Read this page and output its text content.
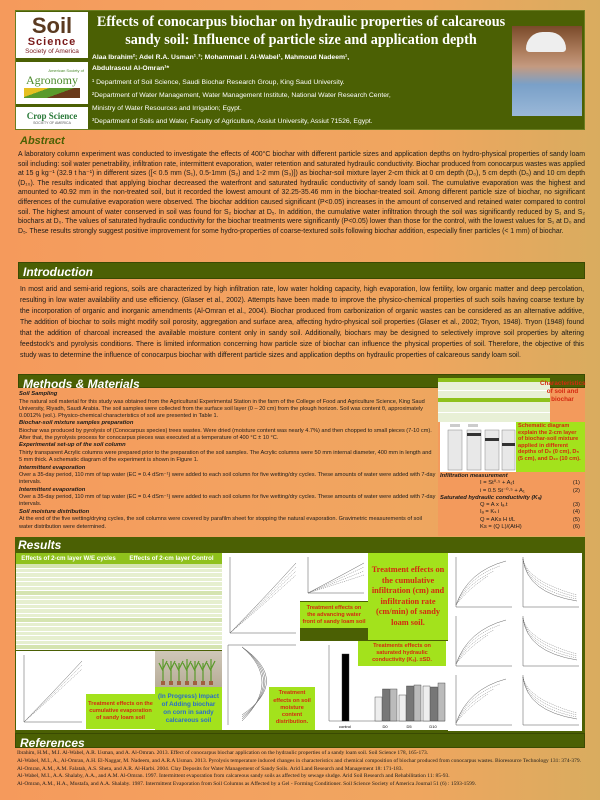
Soil
Science
Society of America
American Society of
Agronomy
Crop Science
SOCIETY OF AMERICA
Effects of conocarpus biochar on hydraulic properties of calcareous sandy soil: Influence of particle size and application depth
Alaa Ibrahim²; Adel R.A. Usman¹˒³; Mohammad I. Al-Wabel¹, Mahmoud Nadeem¹,
Abdulrasoul Al-Omran¹*
¹ Department of Soil Science, Saudi Biochar Research Group, King Saud University.
²Department of Water Management, Water Management Institute, National Water Research Center,
Ministry of Water Resources and Irrigation; Egypt.
³Department of Soils and Water, Faculty of Agriculture, Assiut University, Assiut 71526, Egypt.
Abstract
A laboratory column experiment was conducted to investigate the effects of 400°C biochar with different particle sizes and application depths on hydro-physical properties of sandy loam soil including: soil water penetrability, infiltration rate, intermittent evaporation, water retention and saturated hydraulic conductivity. Biochar produced from conocarpus wastes was applied at 15 g kg⁻¹ (32.9 t ha⁻¹) in different sizes ([< 0.5 mm (S₁), 0.5-1mm (S₂) and 1-2 mm (S₃)]) as biochar-soil mixture layer 2-cm thick at 0 cm depth (D₀), 5 cm depth (D₅) and 10 cm depth (D₁₀). The results indicated that applying biochar decreased the waterfront and saturated hydraulic conductivity of sandy loam soil. The cumulative evaporation was the highest and amounted to 40.92 mm in the non-treated soil, but it recorded the lowest amount of 32.25-35.46 mm in the biochar-treated soil. Among different particle size of biochar, no significant differences of the cumulative evaporation were observed. The biochar addition caused significant (P<0.05) increases in the amount of conserved and retained water compared to control soil. The highest amount of water conserved in soil was found for S₂ biochar at D₅. In addition, the cumulative water infiltration through the soil was significantly reduced by S₁ and S₂ biochars at D₀. The values of saturated hydraulic conductivity for the biochar treatments were significantly (P<0.05) lower than those for the control, with the lowest values for S₁ at D₀ and D₅. These results strongly suggest positive improvement for some hydro-properties of coarse-textured soils following biochar addition, especially finer particles (< 1 mm) of biochar.
Introduction
In most arid and semi-arid regions, soils are characterized by high infiltration rate, low water holding capacity, high evaporation, low fertility, low organic matter and deep percolation, resulting in low water availability and use efficiency. (Glaser et al., 2002). Attempts have been made to improve the physico-chemical properties of such soils having coarse texture by the incorporation of organic and inorganic amendments (Al-Omran et al., 2004). Biochar produced from carbonization of organic wastes can be considered as an alternative additive, The addition of biochar to soils might modify soil porosity, aggregation and surface area, affecting hydro-physical soil properties (Glaser et al., 2002; Tryon, 1948). Tryon (1948) found that the addition of charcoal increased the available moisture content only in sandy soil. Additionally, biochars may be designed to selectively improve soil properties by altering feedstock's and pyrolysis conditions. There is limited information concerning how particle size of biochar can influence the physical properties of soil. Therefore, the objective of this study was to determine the influence of conocarpus biochar with different particle sizes and application depths on hydraulic properties of calcareous sandy loam soil.
Methods & Materials
Soil Sampling

The natural soil material for this study was obtained from the Agricultural Experimental Station in the farm of the College of Food and Agriculture Science, King Saud University, Riyadh, Saudi Arabia. The soil samples were collected from the surface soil layer (0 – 20 cm) from the plough horizon. Soil was content θ, approximately 0.0012% (vol.). Physico-chemical characteristics of soil are presented in Table 1.

Biochar-soil mixture samples preparation

Biochar was produced by pyrolysis of (Conocarpus species) trees wastes. Were dried (moisture content was nearly 4.7%) and then chopped to small pieces (7-10 cm). After that, the pyrolysis process for conocarpus pieces was executed at a temperature of 400 °C ± 10 °C.

Experimental set-up of the soil column

Thirty transparent Acrylic columns were prepared prior to the preparation of the soil samples. The Acrylic columns were 50 mm internal diameter, 400 mm in length and 5 mm thick. A schematic diagram of the experiment is shown in Figure 1.

Intermittent evaporation

Over a 35-day period, 110 mm of tap water (EC = 0.4 dSm⁻¹) were added to each soil column for five wetting/dry cycles. These amounts of water were added with 7-day intervals.

Intermittent evaporation

Over a 35-day period, 110 mm of tap water (EC = 0.4 dSm⁻¹) were added to each soil column for five wetting/dry cycles. These amounts of water were added with 7-day intervals.

Soil moisture distribution

At the end of the five wetting/drying cycles, the soil columns were covered by parafilm sheet for stopping the natural evaporation. Gravimetric measurements of soil water distribution were determined.

Characteristics of soil and biochar
Schematic diagram explain the 2-cm layer of biochar-soil mixture applied in different depths of D₀ (0 cm), D₅ (5 cm), and D₁₀ (10 cm).
Infiltration measurement
I = St⁰·⁵ + A₁t	(1)
i = 0.5 St⁻⁰·⁵ + A₁	(2)
Saturated hydraulic conductivity (Kₛ)
Q = A x Iₐ.t	(3)
Iₐ = Kₛ i	(4)
Q = AKs H t/L	(5)
Ks = (Q L)/(AtH)	(6)
Results
Effects of 2-cm layer W/E cycles	Effects of 2-cm layer Control
Treatment effects on the advancing water front of sandy loam soil
Treatment effects on the cumulative infiltration (cm) and infiltration rate (cm/min) of sandy loam soil.
Treatment effects on the cumulative evaporation of sandy loam soil
(In Progress) Impact of Adding biochar on corn in sandy calcareous soil
control	D0	D5	D10
Treatment effects on soil moisture content distribution.
Treatments effects on saturated hydraulic conductivity (Kₛ). ±SD.
References
Ibrahim, H.M., M.I. Al-Wabel, A.R. Usman, and A. Al-Omran. 2013. Effect of conocarpus biochar application on the hydraulic properties of a sandy loam soil. Soil Science 178, 165-173.
Al-Wabel, M.I., A., Al-Omran, A.H. El-Naggar, M. Nadeem, and A.R.A Usman. 2013. Pyrolysis temperature induced changes in characteristics and chemical composition of biochar produced from conocarpus wastes. Bioresource Technology 131: 374-379.
Al-Omran, A.M., A.M. Falatah, A.S. Sheta, and A.R. Al-Harbi. 2004. Clay Deposits for Water Management of Sandy Soils. Arid Land Research and Management 18: 171-183.
Al-Wabel, M.I., A.A. Shalaby, A.A., and A.M. Al-Omran. 1997. Intermittent evaporation from calcareous sandy soils as affected by sewage sludge. Arid Soil Research and Rehabilitation 11: 85-93.
Al-Omran, A.M., H.A., Mustafa, and A.A. Shalaby. 1987. Intermittent Evaporation from Soil Columns as Affected by a Gel - Forming Conditioner. Soil Science Society of America Journal 51 (6) : 1593-1599.
